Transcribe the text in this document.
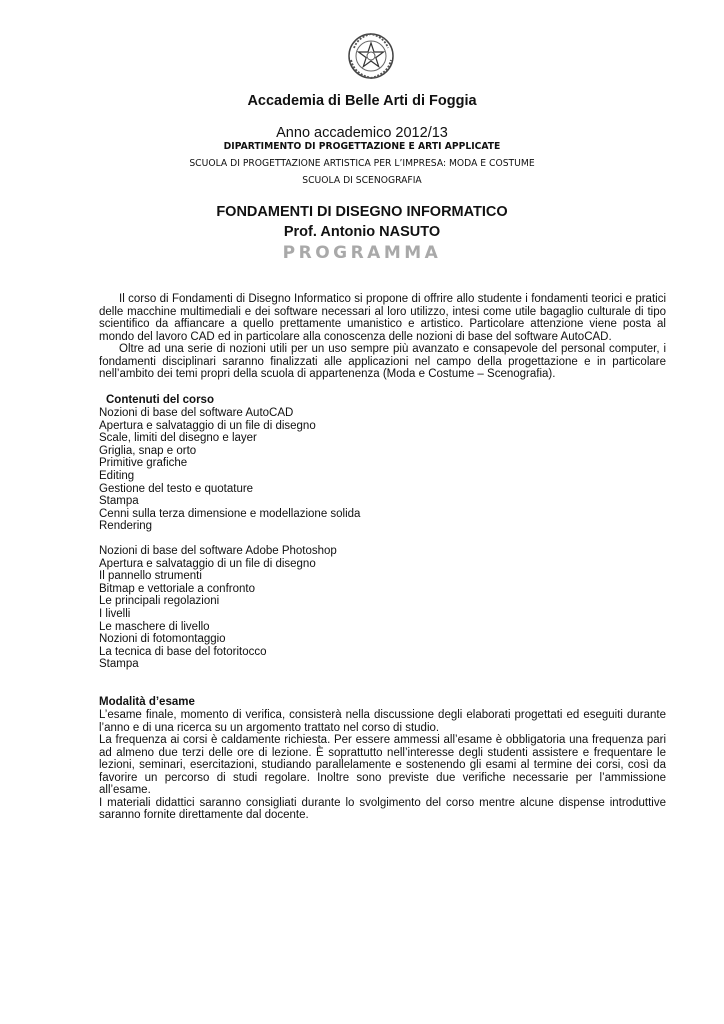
Accademia di Belle Arti di Foggia
Anno accademico 2012/13
DIPARTIMENTO DI PROGETTAZIONE E ARTI APPLICATE
SCUOLA DI PROGETTAZIONE ARTISTICA PER L’IMPRESA: MODA E COSTUME
SCUOLA DI SCENOGRAFIA
FONDAMENTI DI DISEGNO INFORMATICO
Prof. Antonio NASUTO
PROGRAMMA

Il corso di Fondamenti di Disegno Informatico si propone di offrire allo studente i fondamenti teorici e pratici delle macchine multimediali e dei software necessari al loro utilizzo, intesi come utile bagaglio culturale di tipo scientifico da affiancare a quello prettamente umanistico e artistico. Particolare attenzione viene posta al mondo del lavoro CAD ed in particolare alla conoscenza delle nozioni di base del software AutoCAD.

Oltre ad una serie di nozioni utili per un uso sempre più avanzato e consapevole del personal computer, i fondamenti disciplinari saranno finalizzati alle applicazioni nel campo della progettazione e in particolare nell’ambito dei temi propri della scuola di appartenenza (Moda e Costume – Scenografia).

Contenuti del corso
Nozioni di base del software AutoCAD
Apertura e salvataggio di un file di disegno
Scale, limiti del disegno e layer
Griglia, snap e orto
Primitive grafiche
Editing
Gestione del testo e quotature
Stampa
Cenni sulla terza dimensione e modellazione solida
Rendering
Nozioni di base del software Adobe Photoshop
Apertura e salvataggio di un file di disegno
Il pannello strumenti
Bitmap e vettoriale a confronto
Le principali regolazioni
I livelli
Le maschere di livello
Nozioni di fotomontaggio
La tecnica di base del fotoritocco
Stampa
Modalità d’esame

L’esame finale, momento di verifica, consisterà nella discussione degli elaborati progettati ed eseguiti durante l’anno e di una ricerca su un argomento trattato nel corso di studio.

La frequenza ai corsi è caldamente richiesta. Per essere ammessi all’esame è obbligatoria una frequenza pari ad almeno due terzi delle ore di lezione. È soprattutto nell’interesse degli studenti assistere e frequentare le lezioni, seminari, esercitazioni, studiando parallelamente e sostenendo gli esami al termine dei corsi, così da favorire un percorso di studi regolare. Inoltre sono previste due verifiche necessarie per l’ammissione all’esame.

I materiali didattici saranno consigliati durante lo svolgimento del corso mentre alcune dispense introduttive saranno fornite direttamente dal docente.
